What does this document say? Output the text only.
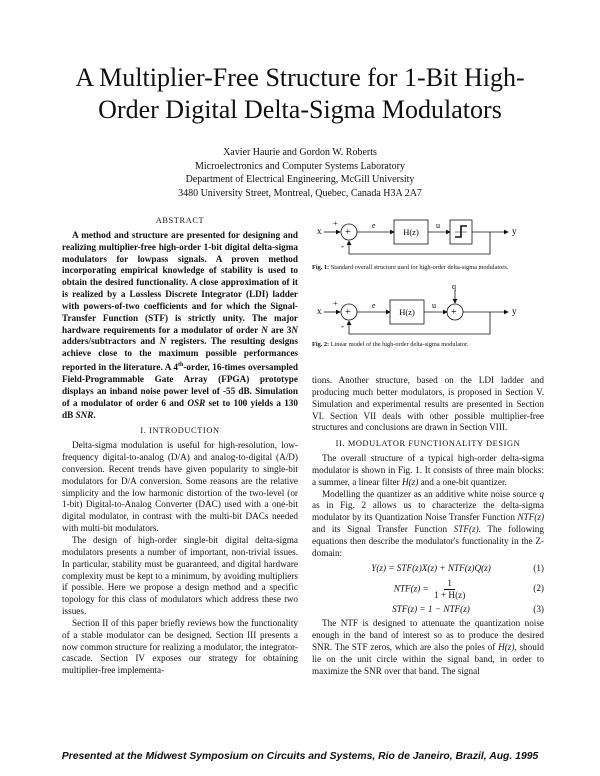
A Multiplier-Free Structure for 1-Bit High-
Order Digital Delta-Sigma Modulators
Xavier Haurie and Gordon W. Roberts
Microelectronics and Computer Systems Laboratory
Department of Electrical Engineering, McGill University
3480 University Street, Montreal, Quebec, Canada H3A 2A7
ABSTRACT

A method and structure are presented for designing and realizing multiplier-free high-order 1-bit digital delta-sigma modulators for lowpass signals. A proven method incorporating empirical knowledge of stability is used to obtain the desired functionality. A close approximation of it is realized by a Lossless Discrete Integrator (LDI) ladder with powers-of-two coefficients and for which the Signal-Transfer Function (STF) is strictly unity. The major hardware requirements for a modulator of order N are 3N adders/subtractors and N registers. The resulting designs achieve close to the maximum possible performances reported in the literature. A 4th-order, 16-times oversampled Field-Programmable Gate Array (FPGA) prototype displays an inband noise power level of -55 dB. Simulation of a modulator of order 6 and OSR set to 100 yields a 130 dB SNR.

I. INTRODUCTION

Delta-sigma modulation is useful for high-resolution, low-frequency digital-to-analog (D/A) and analog-to-digital (A/D) conversion. Recent trends have given popularity to single-bit modulators for D/A conversion. Some reasons are the relative simplicity and the low harmonic distortion of the two-level (or 1-bit) Digital-to-Analog Converter (DAC) used with a one-bit digital modulator, in contrast with the multi-bit DACs needed with multi-bit modulators.

The design of high-order single-bit digital delta-sigma modulators presents a number of important, non-trivial issues. In particular, stability must be guaranteed, and digital hardware complexity must be kept to a minimum, by avoiding multipliers if possible. Here we propose a design method and a specific topology for this class of modulators which address these two issues.

Section II of this paper briefly reviews how the functionality of a stable modulator can be designed. Section III presents a now common structure for realizing a modulator, the integrator-cascade. Section IV exposes our strategy for obtaining multiplier-free implementa-

x
+
+
e
H(z)
u
y
-
Fig. 1: Standard overall structure used for high-order delta-sigma modulators.
x
+
+
e
H(z)
u
+
q
y
-
Fig. 2: Linear model of the high-order delta-sigma modulator.

tions. Another structure, based on the LDI ladder and producing much better modulators, is proposed in Section V. Simulation and experimental results are presented in Section VI. Section VII deals with other possible multiplier-free structures and conclusions are drawn in Section VIII.

II. MODULATOR FUNCTIONALITY DESIGN

The overall structure of a typical high-order delta-sigma modulator is shown in Fig. 1. It consists of three main blocks: a summer, a linear filter H(z) and a one-bit quantizer.

Modelling the quantizer as an additive white noise source q as in Fig. 2 allows us to characterize the delta-sigma modulator by its Quantization Noise Transfer Function NTF(z) and its Signal Transfer Function STF(z). The following equations then describe the modulator's functionality in the Z-domain:

Y(z) = STF(z)X(z) + NTF(z)Q(z)	(1)
$NTF(z) = \frac{1}{1 + H(z)}$	(2)
STF(z) = 1 − NTF(z)	(3)

The NTF is designed to attenuate the quantization noise enough in the band of interest so as to produce the desired SNR. The STF zeros, which are also the poles of H(z), should lie on the unit circle within the signal band, in order to maximize the SNR over that band. The signal

Presented at the Midwest Symposium on Circuits and Systems, Rio de Janeiro, Brazil, Aug. 1995
